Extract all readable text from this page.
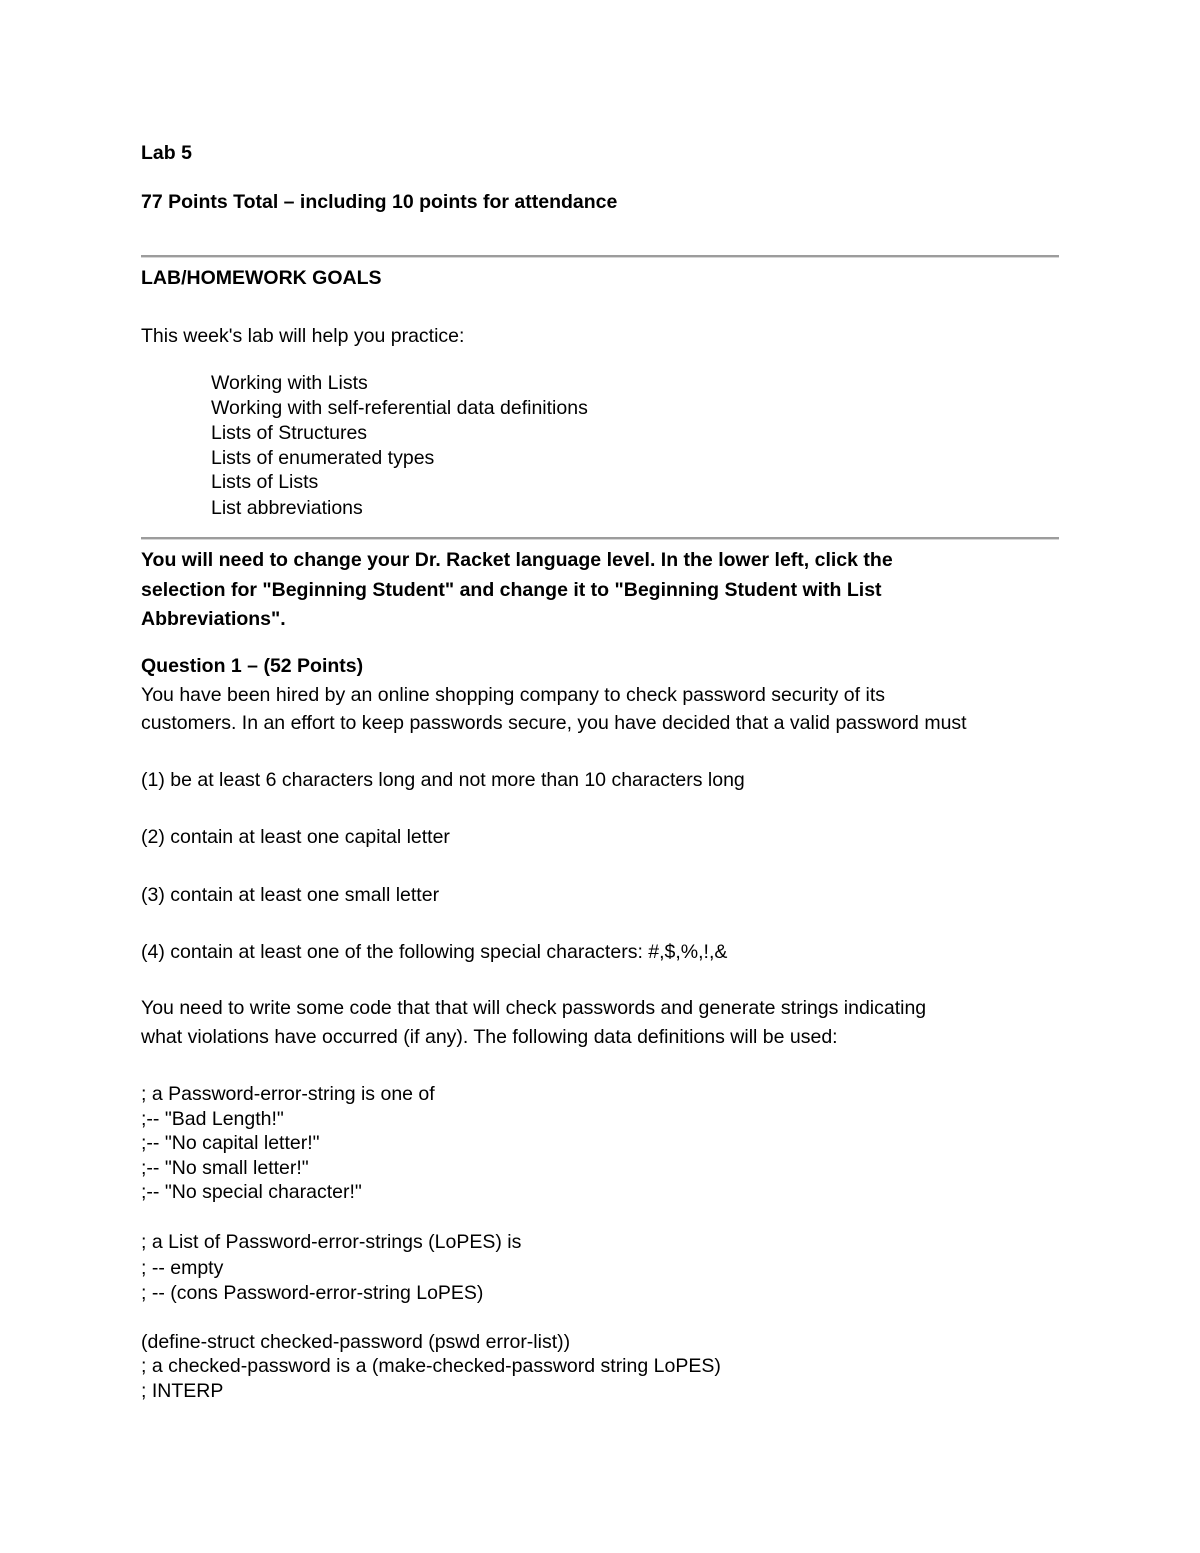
Lab 5
77 Points Total – including 10 points for attendance
LAB/HOMEWORK GOALS
This week's lab will help you practice:
Working with Lists
Working with self-referential data definitions
Lists of Structures
Lists of enumerated types
Lists of Lists
List abbreviations
You will need to change your Dr. Racket language level. In the lower left, click the
selection for "Beginning Student" and change it to "Beginning Student with List
Abbreviations".
Question 1 – (52 Points)
You have been hired by an online shopping company to check password security of its
customers. In an effort to keep passwords secure, you have decided that a valid password must
(1) be at least 6 characters long and not more than 10 characters long
(2) contain at least one capital letter
(3) contain at least one small letter
(4) contain at least one of the following special characters: #,$,%,!,&
You need to write some code that that will check passwords and generate strings indicating
what violations have occurred (if any). The following data definitions will be used:
; a Password-error-string is one of
;-- "Bad Length!"
;-- "No capital letter!"
;-- "No small letter!"
;-- "No special character!"
; a List of Password-error-strings (LoPES) is
; -- empty
; -- (cons Password-error-string LoPES)
(define-struct checked-password (pswd error-list))
; a checked-password is a (make-checked-password string LoPES)
; INTERP
